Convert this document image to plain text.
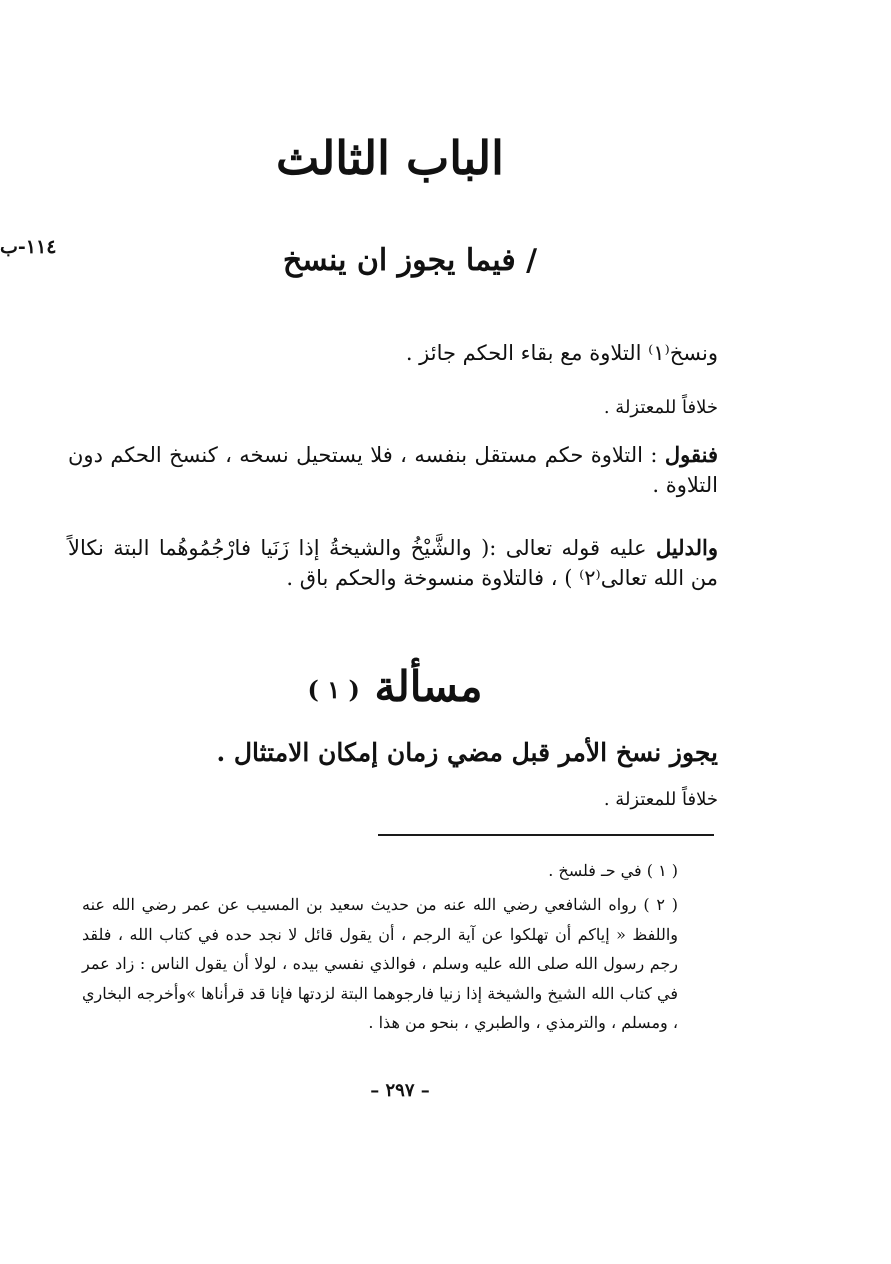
الباب الثالث
١١٤-ب	/ فيما يجوز ان ينسخ
ونسخ⁽١⁾ التلاوة مع بقاء الحكم جائز .
خلافاً للمعتزلة .
فنقول : التلاوة حكم مستقل بنفسه ، فلا يستحيل نسخه ، كنسخ الحكم دون التلاوة .
والدليل عليه قوله تعالى :( والشَّيْخُ والشيخةُ إذا زَنَيا فارْجُمُوهُما البتة نكالاً من الله تعالى⁽٢⁾ ) ، فالتلاوة منسوخة والحكم باق .
مسألة ( ١ )
يجوز نسخ الأمر قبل مضي زمان إمكان الامتثال .
خلافاً للمعتزلة .
( ١ ) في حـ فلسخ .
( ٢ ) رواه الشافعي رضي الله عنه من حديث سعيد بن المسيب عن عمر رضي الله عنه واللفظ « إياكم أن تهلكوا عن آية الرجم ، أن يقول قائل لا نجد حده في كتاب الله ، فلقد رجم رسول الله صلى الله عليه وسلم ، فوالذي نفسي بيده ، لولا أن يقول الناس : زاد عمر في كتاب الله الشيخ والشيخة إذا زنيا فارجوهما البتة لزدتها فإنا قد قرأناها »وأخرجه البخاري ، ومسلم ، والترمذي ، والطبري ، بنحو من هذا .
– ٢٩٧ –
